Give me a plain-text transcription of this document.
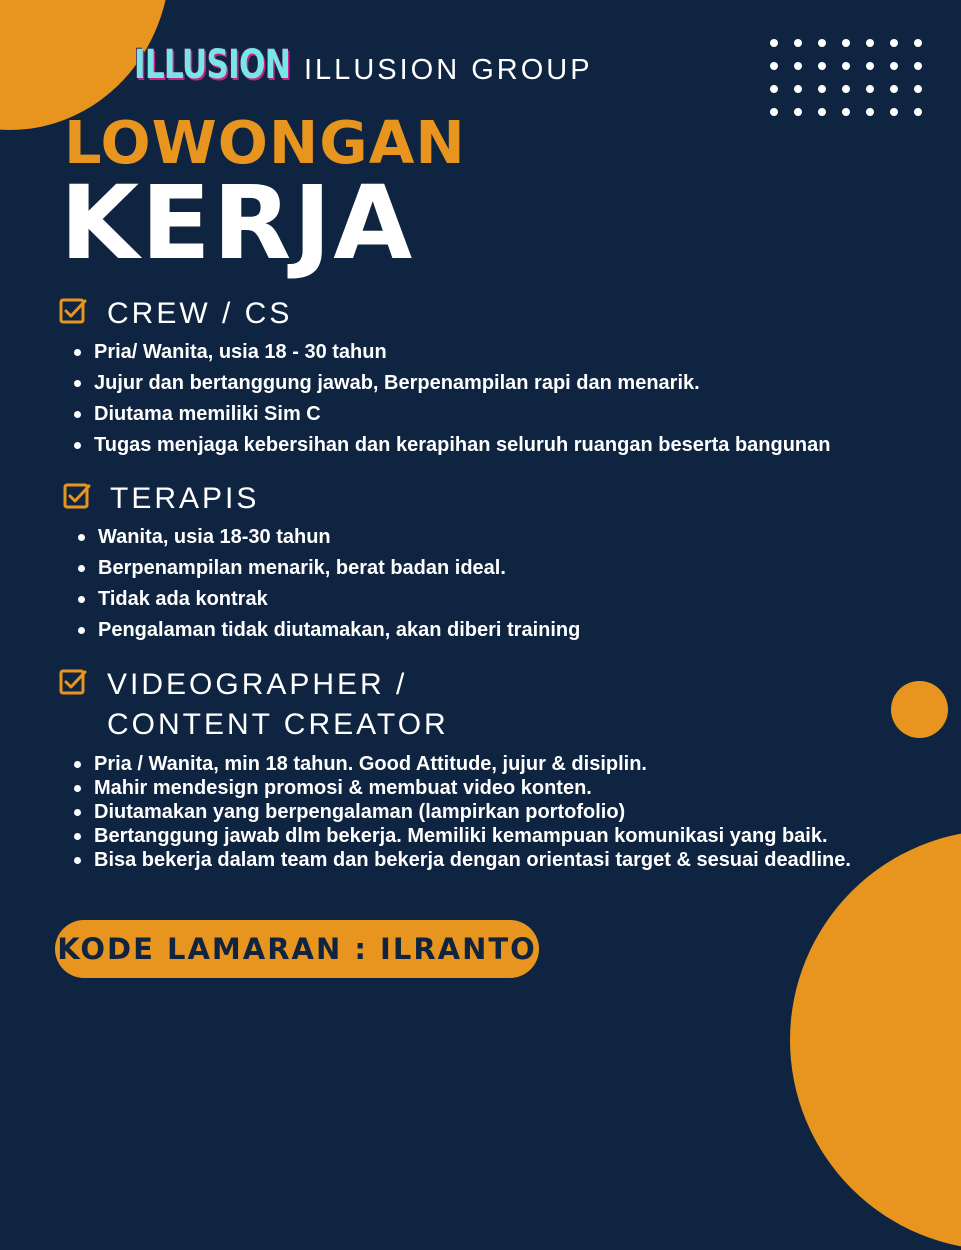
ILLUSION ILLUSION GROUP
LOWONGAN
KERJA
CREW / CS
Pria/ Wanita, usia 18 - 30 tahun
Jujur dan bertanggung jawab, Berpenampilan rapi dan menarik.
Diutama memiliki Sim C
Tugas menjaga kebersihan dan kerapihan seluruh ruangan beserta bangunan
TERAPIS
Wanita, usia 18-30 tahun
Berpenampilan menarik, berat badan ideal.
Tidak ada kontrak
Pengalaman tidak diutamakan, akan diberi training
VIDEOGRAPHER /
CONTENT CREATOR
Pria / Wanita, min 18 tahun. Good Attitude, jujur & disiplin.
Mahir mendesign promosi & membuat video konten.
Diutamakan yang berpengalaman (lampirkan portofolio)
Bertanggung jawab dlm bekerja. Memiliki kemampuan komunikasi yang baik.
Bisa bekerja dalam team dan bekerja dengan orientasi target & sesuai deadline.
KODE LAMARAN : ILRANTO
